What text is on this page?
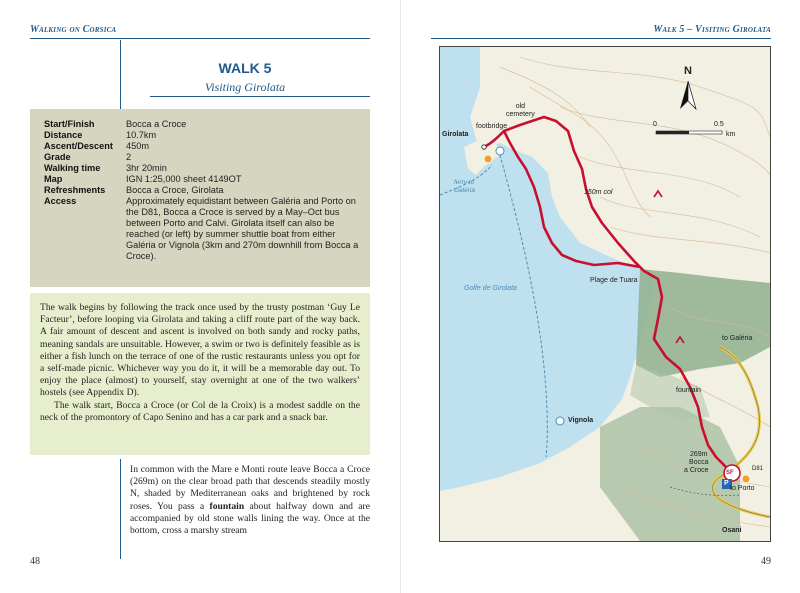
Walking on Corsica
WALK 5
Visiting Girolata
Start/Finish	Bocca a Croce
Distance	10.7km
Ascent/Descent	450m
Grade	2
Walking time	3hr 20min
Map	IGN 1:25,000 sheet 4149OT
Refreshments	Bocca a Croce, Girolata
Access	Approximately equidistant between Galéria and Porto on the D81, Bocca a Croce is served by a May–Oct bus between Porto and Calvi. Girolata itself can also be reached (or left) by summer shuttle boat from either Galéria or Vignola (3km and 270m downhill from Bocca a Croce).

The walk begins by following the track once used by the trusty postman ‘Guy Le Facteur’, before looping via Girolata and taking a cliff route part of the way back. A fair amount of descent and ascent is involved on both sandy and rocky paths, meaning sandals are unsuitable. However, a swim or two is definitely feasible as is either a fish lunch on the terrace of one of the rustic restaurants unless you opt for a self-made picnic. Whichever way you do it, it will be a memorable day out. To enjoy the place (almost) to yourself, stay overnight at one of the two walkers’ hostels (see Appendix D).

The walk start, Bocca a Croce (or Col de la Croix) is a modest saddle on the neck of the promontory of Capo Senino and has a car park and a snack bar.

In common with the Mare e Monti route leave Bocca a Croce (269m) on the clear broad path that descends steadily mostly N, shaded by Mediterranean oaks and brightened by rock roses. You pass a fountain about halfway down and are accompanied by old stone walls lining the way. Once at the bottom, cross a marshy stream

48
Walk 5 – Visiting Girolata
N
0	0.5
km
old
cemetery
footbridge
Girolata
ferry to
Galéria	150m col
Plage de Tuara
Golfe de Girolata
to Galéria
fountain
269m
Bocca
a Croce
Vignola
D81
to Porto
Osani
SF
P
49
